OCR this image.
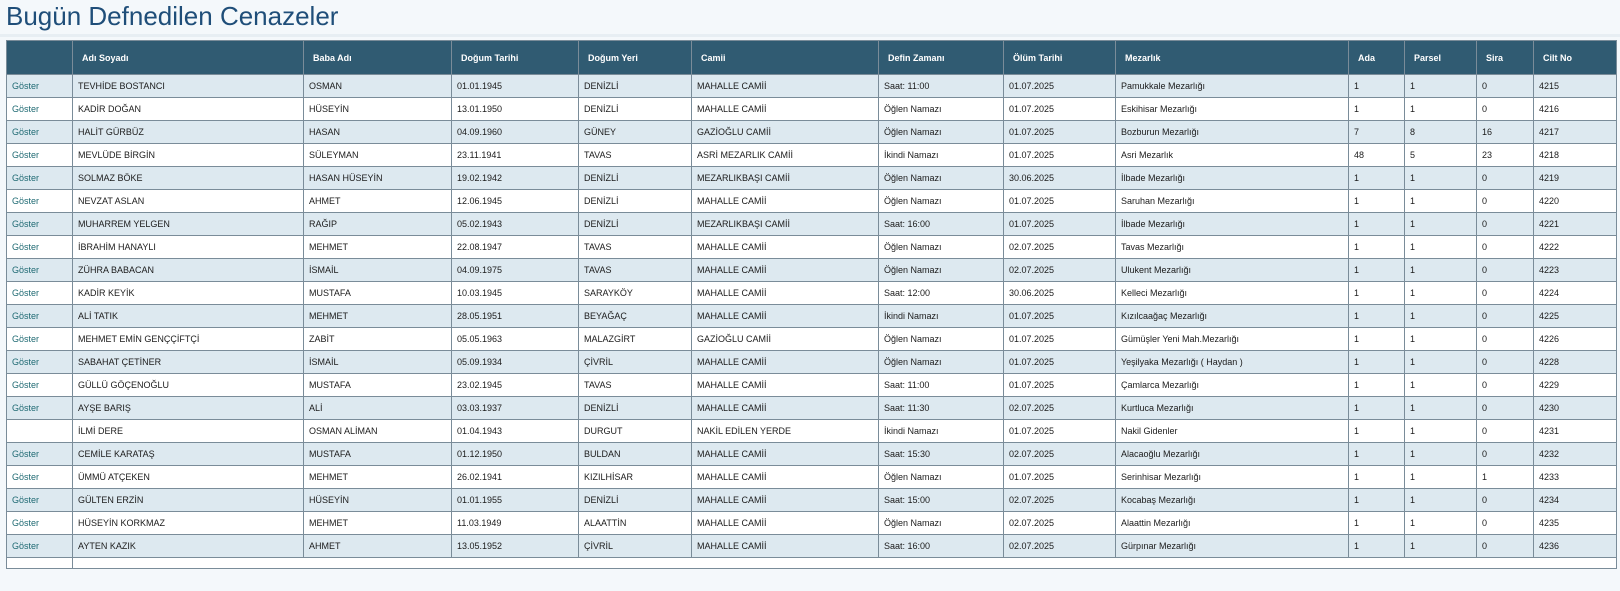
Bugün Defnedilen Cenazeler
	Adı Soyadı	Baba Adı	Doğum Tarihi	Doğum Yeri	Camii	Defin Zamanı	Ölüm Tarihi	Mezarlık	Ada	Parsel	Sira	Cilt No
Göster	TEVHİDE BOSTANCI	OSMAN	01.01.1945	DENİZLİ	MAHALLE CAMİİ	Saat: 11:00	01.07.2025	Pamukkale Mezarlığı	1	1	0	4215
Göster	KADİR DOĞAN	HÜSEYİN	13.01.1950	DENİZLİ	MAHALLE CAMİİ	Öğlen Namazı	01.07.2025	Eskihisar Mezarlığı	1	1	0	4216
Göster	HALİT GÜRBÜZ	HASAN	04.09.1960	GÜNEY	GAZİOĞLU CAMİİ	Öğlen Namazı	01.07.2025	Bozburun Mezarlığı	7	8	16	4217
Göster	MEVLÜDE BİRGİN	SÜLEYMAN	23.11.1941	TAVAS	ASRİ MEZARLIK CAMİİ	İkindi Namazı	01.07.2025	Asri Mezarlık	48	5	23	4218
Göster	SOLMAZ BÖKE	HASAN HÜSEYİN	19.02.1942	DENİZLİ	MEZARLIKBAŞI CAMİİ	Öğlen Namazı	30.06.2025	İlbade Mezarlığı	1	1	0	4219
Göster	NEVZAT ASLAN	AHMET	12.06.1945	DENİZLİ	MAHALLE CAMİİ	Öğlen Namazı	01.07.2025	Saruhan Mezarlığı	1	1	0	4220
Göster	MUHARREM YELGEN	RAĞIP	05.02.1943	DENİZLİ	MEZARLIKBAŞI CAMİİ	Saat: 16:00	01.07.2025	İlbade Mezarlığı	1	1	0	4221
Göster	İBRAHİM HANAYLI	MEHMET	22.08.1947	TAVAS	MAHALLE CAMİİ	Öğlen Namazı	02.07.2025	Tavas Mezarlığı	1	1	0	4222
Göster	ZÜHRA BABACAN	İSMAİL	04.09.1975	TAVAS	MAHALLE CAMİİ	Öğlen Namazı	02.07.2025	Ulukent Mezarlığı	1	1	0	4223
Göster	KADİR KEYİK	MUSTAFA	10.03.1945	SARAYKÖY	MAHALLE CAMİİ	Saat: 12:00	30.06.2025	Kelleci Mezarlığı	1	1	0	4224
Göster	ALİ TATIK	MEHMET	28.05.1951	BEYAĞAÇ	MAHALLE CAMİİ	İkindi Namazı	01.07.2025	Kızılcaağaç Mezarlığı	1	1	0	4225
Göster	MEHMET EMİN GENÇÇİFTÇİ	ZABİT	05.05.1963	MALAZGİRT	GAZİOĞLU CAMİİ	Öğlen Namazı	01.07.2025	Gümüşler Yeni Mah.Mezarlığı	1	1	0	4226
Göster	SABAHAT ÇETİNER	İSMAİL	05.09.1934	ÇİVRİL	MAHALLE CAMİİ	Öğlen Namazı	01.07.2025	Yeşilyaka Mezarlığı ( Haydan )	1	1	0	4228
Göster	GÜLLÜ GÖÇENOĞLU	MUSTAFA	23.02.1945	TAVAS	MAHALLE CAMİİ	Saat: 11:00	01.07.2025	Çamlarca Mezarlığı	1	1	0	4229
Göster	AYŞE BARIŞ	ALİ	03.03.1937	DENİZLİ	MAHALLE CAMİİ	Saat: 11:30	02.07.2025	Kurtluca Mezarlığı	1	1	0	4230
	İLMİ DERE	OSMAN ALİMAN	01.04.1943	DURGUT	NAKİL EDİLEN YERDE	İkindi Namazı	01.07.2025	Nakil Gidenler	1	1	0	4231
Göster	CEMİLE KARATAŞ	MUSTAFA	01.12.1950	BULDAN	MAHALLE CAMİİ	Saat: 15:30	02.07.2025	Alacaoğlu Mezarlığı	1	1	0	4232
Göster	ÜMMÜ ATÇEKEN	MEHMET	26.02.1941	KIZILHİSAR	MAHALLE CAMİİ	Öğlen Namazı	01.07.2025	Serinhisar Mezarlığı	1	1	1	4233
Göster	GÜLTEN ERZİN	HÜSEYİN	01.01.1955	DENİZLİ	MAHALLE CAMİİ	Saat: 15:00	02.07.2025	Kocabaş Mezarlığı	1	1	0	4234
Göster	HÜSEYİN KORKMAZ	MEHMET	11.03.1949	ALAATTİN	MAHALLE CAMİİ	Öğlen Namazı	02.07.2025	Alaattin Mezarlığı	1	1	0	4235
Göster	AYTEN KAZIK	AHMET	13.05.1952	ÇİVRİL	MAHALLE CAMİİ	Saat: 16:00	02.07.2025	Gürpınar Mezarlığı	1	1	0	4236
